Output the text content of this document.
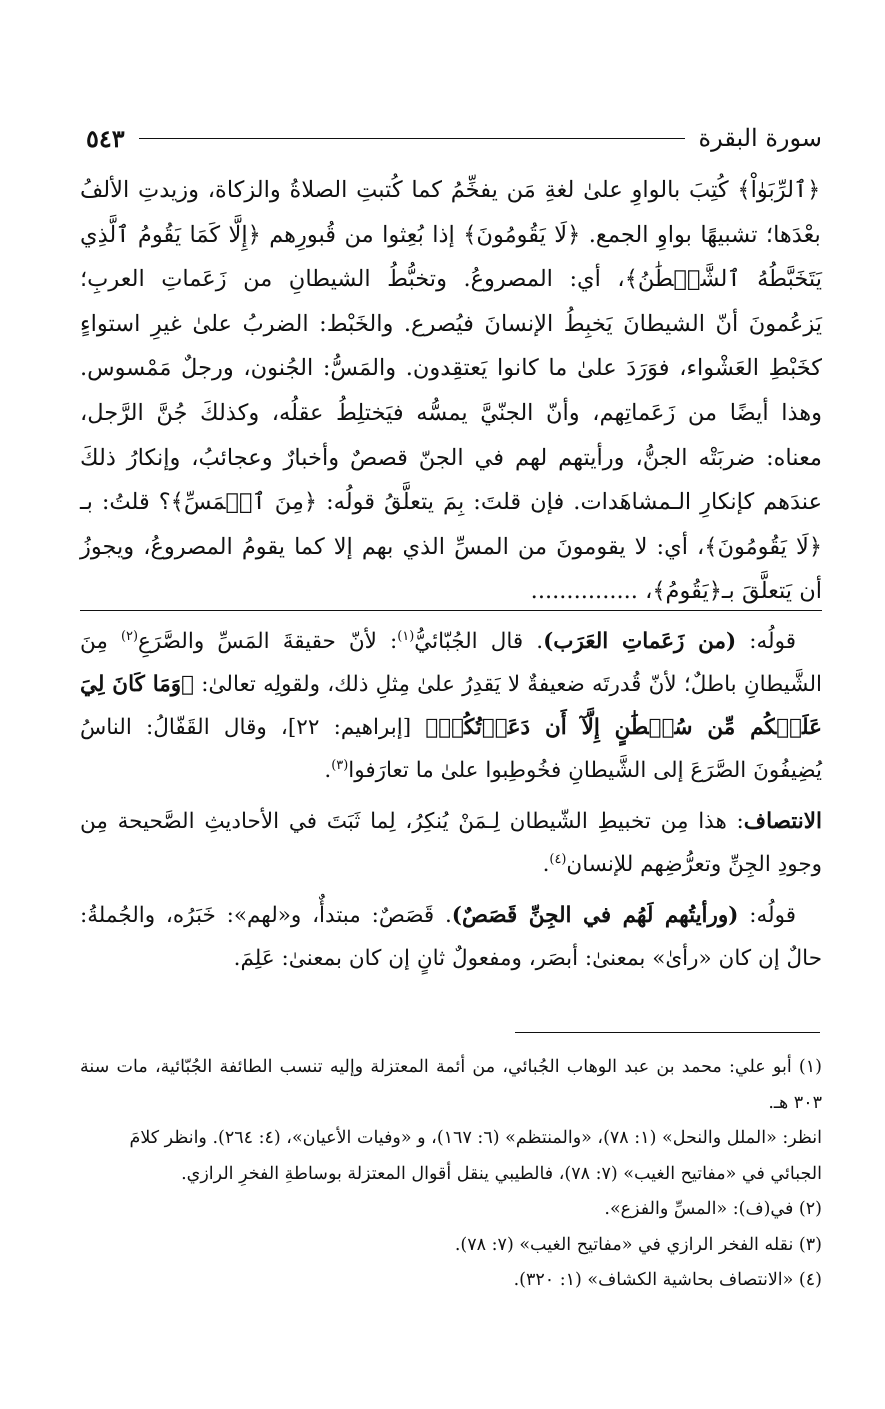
سورة البقرة
٥٤٣

﴿ٱلرِّبَوٰاْ﴾ كُتِبَ بالواوِ علىٰ لغةِ مَن يفخِّمُ كما كُتبتِ الصلاةُ والزكاة، وزيدتِ الألفُ بعْدَها؛ تشبيهًا بواوِ الجمع. ﴿لَا يَقُومُونَ﴾ إذا بُعِثوا من قُبورِهم ﴿إِلَّا كَمَا يَقُومُ ٱلَّذِي يَتَخَبَّطُهُ ٱلشَّيۡطَٰنُ﴾، أي: المصروعُ. وتخبُّطُ الشيطانِ من زَعَماتِ العربِ؛ يَزعُمونَ أنّ الشيطانَ يَخبِطُ الإنسانَ فيُصرع. والخَبْط: الضربُ علىٰ غيرِ استواءٍ كخَبْطِ العَشْواء، فوَرَدَ علىٰ ما كانوا يَعتقِدون. والمَسُّ: الجُنون، ورجلٌ مَمْسوس. وهذا أيضًا من زَعَماتِهم، وأنّ الجنّيَّ يمسُّه فيَختلِطُ عقلُه، وكذلكَ جُنَّ الرَّجل، معناه: ضربَتْه الجنُّ، ورأيتهم لهم في الجنّ قصصٌ وأخبارٌ وعجائبُ، وإنكارُ ذلكَ عندَهم كإنكارِ الـمشاهَدات. فإن قلتَ: بِمَ يتعلَّقُ قولُه: ﴿مِنَ ٱلۡمَسِّ﴾؟ قلتُ: بـ ﴿لَا يَقُومُونَ﴾، أي: لا يقومونَ من المسِّ الذي بهم إلا كما يقومُ المصروعُ، ويجوزُ أن يَتعلَّقَ بـ﴿يَقُومُ﴾، ...............

قولُه: (من زَعَماتِ العَرَب). قال الجُبّائيُّ$^{(١)}$: لأنّ حقيقةَ المَسِّ والصَّرَعِ$^{(٢)}$ مِنَ الشَّيطانِ باطلٌ؛ لأنّ قُدرتَه ضعيفةٌ لا يَقدِرُ علىٰ مِثلِ ذلك، ولقولِه تعالىٰ: ﴿وَمَا كَانَ لِيَ عَلَيۡكُم مِّن سُلۡطَٰنٍ إِلَّآ أَن دَعَوۡتُكُمۡ﴾ [إبراهيم: ٢٢]، وقال القَفّالُ: الناسُ يُضِيفُونَ الصَّرَعَ إلى الشَّيطانِ فخُوطِبوا علىٰ ما تعارَفوا$^{(٣)}$.

الانتصاف: هذا مِن تخبيطِ الشّيطان لِـمَنْ يُنكِرُ، لِما ثَبَتَ في الأحاديثِ الصَّحيحة مِن وجودِ الجِنِّ وتعرُّضِهم للإنسان$^{(٤)}$.

قولُه: (ورأيتُهم لَهُم في الجِنِّ قَصَصٌ). قَصَصٌ: مبتدأٌ، و«لهم»: خَبَرُه، والجُملةُ: حالٌ إن كان «رأىٰ» بمعنىٰ: أبصَر، ومفعولٌ ثانٍ إن كان بمعنىٰ: عَلِمَ.

(١) أبو علي: محمد بن عبد الوهاب الجُبائي، من أئمة المعتزلة وإليه تنسب الطائفة الجُبّائية، مات سنة ٣٠٣ هـ.

انظر: «الملل والنحل» (١: ٧٨)، «والمنتظم» (٦: ١٦٧)، و «وفيات الأعيان»، (٤: ٢٦٤). وانظر كلامَ

الجبائي في «مفاتيح الغيب» (٧: ٧٨)، فالطيبي ينقل أقوال المعتزلة بوساطةِ الفخرِ الرازي.

(٢) في(ف): «المسِّ والفزع».

(٣) نقله الفخر الرازي في «مفاتيح الغيب» (٧: ٧٨).

(٤) «الانتصاف بحاشية الكشاف» (١: ٣٢٠).
